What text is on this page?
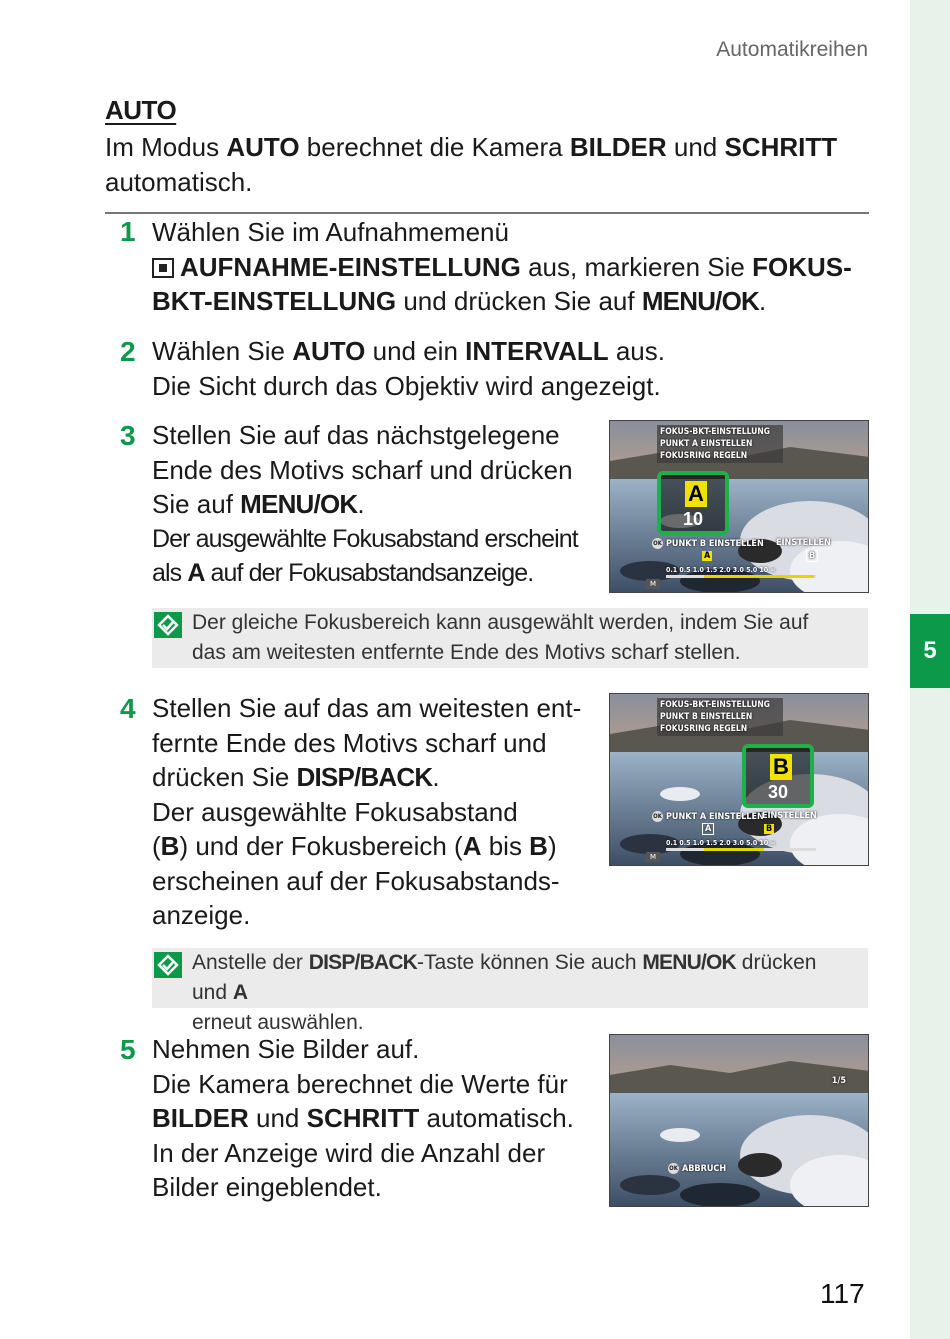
5
Automatikreihen
AUTO
Im Modus AUTO berechnet die Kamera BILDER und SCHRITT automatisch.
1 Wählen Sie im Aufnahmemenü
AUFNAHME-EINSTELLUNG aus, markieren Sie FOKUS-
BKT-EINSTELLUNG und drücken Sie auf MENU/OK.
2 Wählen Sie AUTO und ein INTERVALL aus.
Die Sicht durch das Objektiv wird angezeigt.
3 Stellen Sie auf das nächstgelegene
Ende des Motivs scharf und drücken
Sie auf MENU/OK.
Der ausgewählte Fokusabstand erscheint
als A auf der Fokusabstandsanzeige.
FOKUS-BKT-EINSTELLUNG
PUNKT A EINSTELLEN
FOKUSRING REGELN
A
10
OK PUNKT B EINSTELLEN EINSTELLEN
A	B
0.1 0.5 1.0 1.5 2.0 3.0 5.0 10 ∞
M
Der gleiche Fokusbereich kann ausgewählt werden, indem Sie auf
das am weitesten entfernte Ende des Motivs scharf stellen.
4 Stellen Sie auf das am weitesten ent-
fernte Ende des Motivs scharf und
drücken Sie DISP/BACK.
Der ausgewählte Fokusabstand
(B) und der Fokusbereich (A bis B)
erscheinen auf der Fokusabstands-
anzeige.
FOKUS-BKT-EINSTELLUNG
PUNKT B EINSTELLEN
FOKUSRING REGELN
B
30
OK PUNKT A EINSTELLEN
EINSTELLEN
A	B
0.1 0.5 1.0 1.5 2.0 3.0 5.0 10 ∞
M
Anstelle der DISP/BACK-Taste können Sie auch MENU/OK drücken und A
erneut auswählen.
5 Nehmen Sie Bilder auf.
Die Kamera berechnet die Werte für
BILDER und SCHRITT automatisch.
In der Anzeige wird die Anzahl der
Bilder eingeblendet.
1/5
OK ABBRUCH
117
